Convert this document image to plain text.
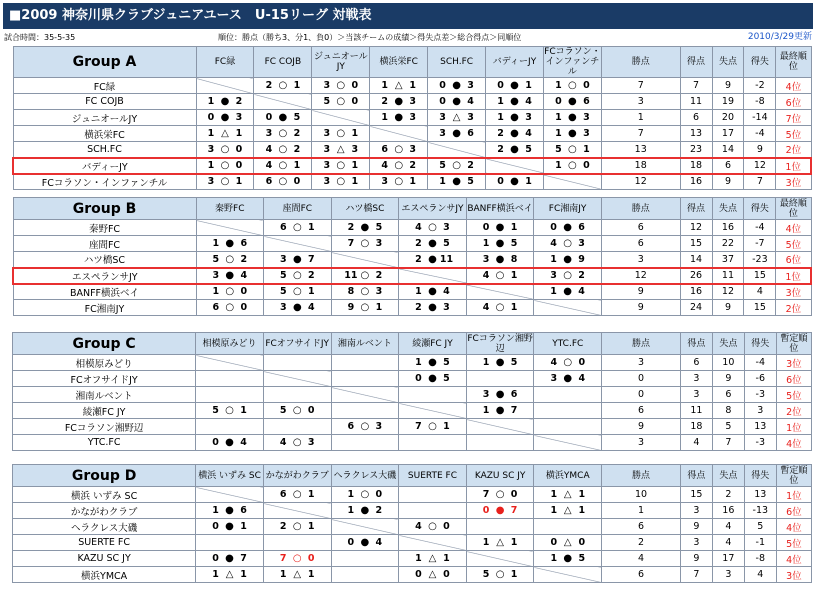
■2009 神奈川県クラブジュニアユース　U-15リーグ 対戦表
試合時間：35-5-35	順位：勝点（勝ち3、分1、負0）＞当該チームの成績＞得失点差＞総合得点＞同順位	2010/3/29更新
Group A	FC緑	FC COJB	ジュニオールJY	横浜栄FC	SCH.FC	バディーJY	FCコラソン・インファンチル	勝点	得点	失点	得失	最終順位
FC緑		2 ○ 1	3 ○ 0	1 △ 1	0 ● 3	0 ● 1	1 ○ 0	7	7	9	-2	4位
FC COJB	1 ● 2		5 ○ 0	2 ● 3	0 ● 4	1 ● 4	0 ● 6	3	11	19	-8	6位
ジュニオールJY	0 ● 3	0 ● 5		1 ● 3	3 △ 3	1 ● 3	1 ● 3	1	6	20	-14	7位
横浜栄FC	1 △ 1	3 ○ 2	3 ○ 1		3 ● 6	2 ● 4	1 ● 3	7	13	17	-4	5位
SCH.FC	3 ○ 0	4 ○ 2	3 △ 3	6 ○ 3		2 ● 5	5 ○ 1	13	23	14	9	2位
バディーJY	1 ○ 0	4 ○ 1	3 ○ 1	4 ○ 2	5 ○ 2		1 ○ 0	18	18	6	12	1位
FCコラソン・インファンチル	3 ○ 1	6 ○ 0	3 ○ 1	3 ○ 1	1 ● 5	0 ● 1		12	16	9	7	3位
Group B	秦野FC	座間FC	ハツ橋SC	エスペランサJY	BANFF横浜ベイ	FC湘南JY	勝点	得点	失点	得失	最終順位
秦野FC		6 ○ 1	2 ● 5	4 ○ 3	0 ● 1	0 ● 6	6	12	16	-4	4位
座間FC	1 ● 6		7 ○ 3	2 ● 5	1 ● 5	4 ○ 3	6	15	22	-7	5位
ハツ橋SC	5 ○ 2	3 ● 7		2 ● 11	3 ● 8	1 ● 9	3	14	37	-23	6位
エスペランサJY	3 ● 4	5 ○ 2	11 ○ 2		4 ○ 1	3 ○ 2	12	26	11	15	1位
BANFF横浜ベイ	1 ○ 0	5 ○ 1	8 ○ 3	1 ● 4		1 ● 4	9	16	12	4	3位
FC湘南JY	6 ○ 0	3 ● 4	9 ○ 1	2 ● 3	4 ○ 1		9	24	9	15	2位
Group C	相模原みどり	FCオフサイドJY	湘南ルベント	綾瀬FC JY	FCコラソン湘野辺	YTC.FC	勝点	得点	失点	得失	暫定順位
相模原みどり				1 ● 5	1 ● 5	4 ○ 0	3	6	10	-4	3位
FCオフサイドJY				0 ● 5		3 ● 4	0	3	9	-6	6位
湘南ルベント					3 ● 6		0	3	6	-3	5位
綾瀬FC JY	5 ○ 1	5 ○ 0			1 ● 7		6	11	8	3	2位
FCコラソン湘野辺			6 ○ 3	7 ○ 1			9	18	5	13	1位
YTC.FC	0 ● 4	4 ○ 3					3	4	7	-3	4位
Group D	横浜 いずみ SC	かながわクラブ	ヘラクレス大磯	SUERTE FC	KAZU SC JY	横浜YMCA	勝点	得点	失点	得失	暫定順位
横浜 いずみ SC		6 ○ 1	1 ○ 0		7 ○ 0	1 △ 1	10	15	2	13	1位
かながわクラブ	1 ● 6		1 ● 2		0 ● 7	1 △ 1	1	3	16	-13	6位
ヘラクレス大磯	0 ● 1	2 ○ 1		4 ○ 0			6	9	4	5	4位
SUERTE FC			0 ● 4		1 △ 1	0 △ 0	2	3	4	-1	5位
KAZU SC JY	0 ● 7	7 ○ 0		1 △ 1		1 ● 5	4	9	17	-8	4位
横浜YMCA	1 △ 1	1 △ 1		0 △ 0	5 ○ 1		6	7	3	4	3位
